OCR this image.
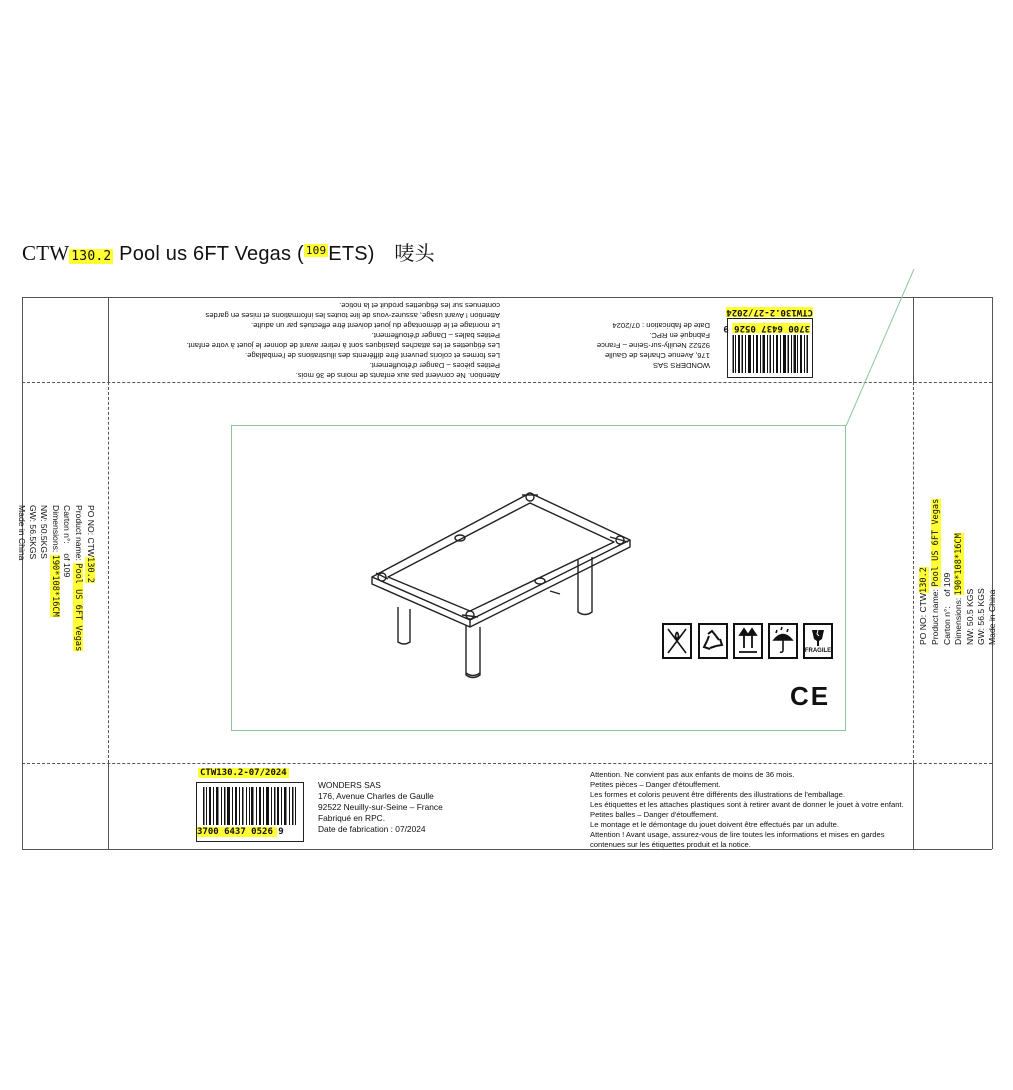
CTW 130.2 Pool us 6FT Vegas ( $^{109}$ ETS) 唛头
Attention. Ne convient pas aux enfants de moins de 36 mois.
Petites pièces – Danger d'étouffement.
Les formes et coloris peuvent être différents des illustrations de l'emballage.
Les étiquettes et les attaches plastiques sont à retirer avant de donner le jouet à votre enfant.
Petites balles – Danger d'étouffement.
Le montage et le démontage du jouet doivent être effectués par un adulte.
Attention ! Avant usage, assurez-vous de lire toutes les informations et mises en gardes
contenues sur les étiquettes produit et la notice.
WONDERS SAS
176, Avenue Charles de Gaulle
92522 Neuilly-sur-Seine – France
Fabriqué en RPC.
Date de fabrication : 07/2024 3700 6437 0526 9
CTW130.2-27/2024
FRAGILE
CE
PO NO: CTW130.2
Product name: Pool US 6FT Vegas
Carton n°:    of 109
Dimensions: 190*108*16CM
NW: 50.5KGS
GW: 56.5KGS
Made in China
PO NO: CTW130.2
Product name: Pool US 6FT Vegas
Carton n°:    of 109
Dimensions: 190*108*16CM
NW: 50.5 KGS GW: 56.5 KGS Made in China
CTW130.2-07/2024
3700 6437 0526 9
WONDERS SAS
176, Avenue Charles de Gaulle
92522 Neuilly-sur-Seine – France
Fabriqué en RPC.
Date de fabrication : 07/2024
Attention. Ne convient pas aux enfants de moins de 36 mois.
Petites pièces – Danger d'étouffement.
Les formes et coloris peuvent être différents des illustrations de l'emballage.
Les étiquettes et les attaches plastiques sont à retirer avant de donner le jouet à votre enfant.
Petites balles – Danger d'étouffement.
Le montage et le démontage du jouet doivent être effectués par un adulte.
Attention ! Avant usage, assurez-vous de lire toutes les informations et mises en gardes
contenues sur les étiquettes produit et la notice.
